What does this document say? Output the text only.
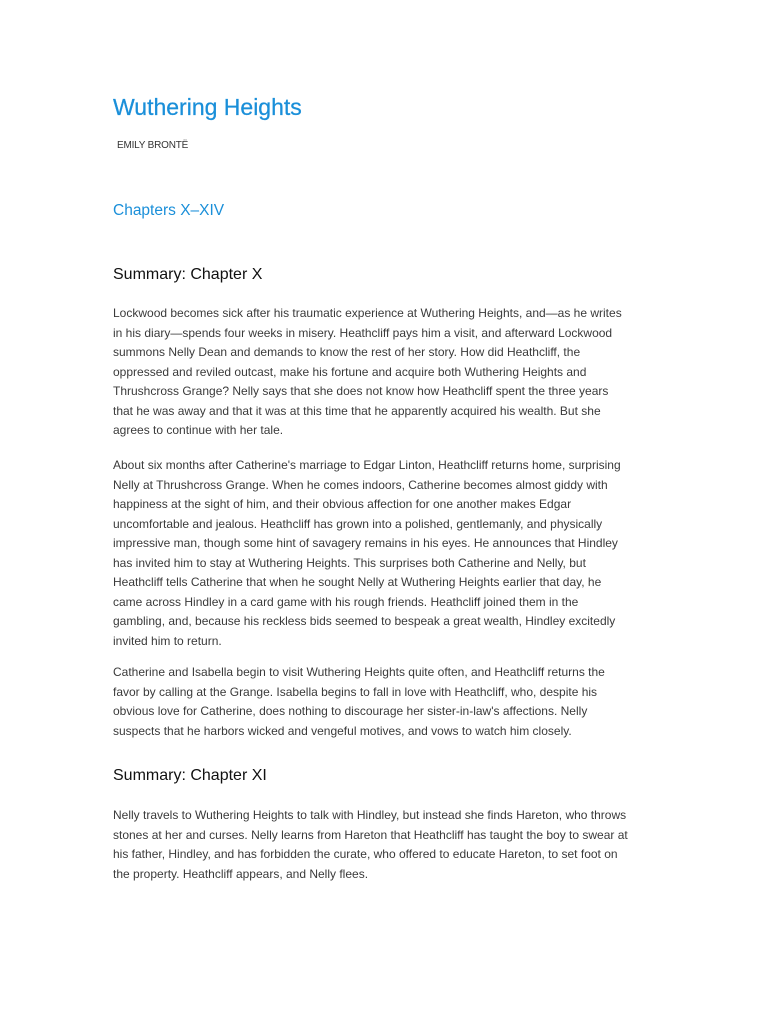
Wuthering Heights

EMILY BRONTË

Chapters X–XIV
Summary: Chapter X

Lockwood becomes sick after his traumatic experience at Wuthering Heights, and—as he writes
in his diary—spends four weeks in misery. Heathcliff pays him a visit, and afterward Lockwood
summons Nelly Dean and demands to know the rest of her story. How did Heathcliff, the
oppressed and reviled outcast, make his fortune and acquire both Wuthering Heights and
Thrushcross Grange? Nelly says that she does not know how Heathcliff spent the three years
that he was away and that it was at this time that he apparently acquired his wealth. But she
agrees to continue with her tale.

About six months after Catherine's marriage to Edgar Linton, Heathcliff returns home, surprising
Nelly at Thrushcross Grange. When he comes indoors, Catherine becomes almost giddy with
happiness at the sight of him, and their obvious affection for one another makes Edgar
uncomfortable and jealous. Heathcliff has grown into a polished, gentlemanly, and physically
impressive man, though some hint of savagery remains in his eyes. He announces that Hindley
has invited him to stay at Wuthering Heights. This surprises both Catherine and Nelly, but
Heathcliff tells Catherine that when he sought Nelly at Wuthering Heights earlier that day, he
came across Hindley in a card game with his rough friends. Heathcliff joined them in the
gambling, and, because his reckless bids seemed to bespeak a great wealth, Hindley excitedly
invited him to return.

Catherine and Isabella begin to visit Wuthering Heights quite often, and Heathcliff returns the
favor by calling at the Grange. Isabella begins to fall in love with Heathcliff, who, despite his
obvious love for Catherine, does nothing to discourage her sister-in-law's affections. Nelly
suspects that he harbors wicked and vengeful motives, and vows to watch him closely.

Summary: Chapter XI

Nelly travels to Wuthering Heights to talk with Hindley, but instead she finds Hareton, who throws
stones at her and curses. Nelly learns from Hareton that Heathcliff has taught the boy to swear at
his father, Hindley, and has forbidden the curate, who offered to educate Hareton, to set foot on
the property. Heathcliff appears, and Nelly flees.
